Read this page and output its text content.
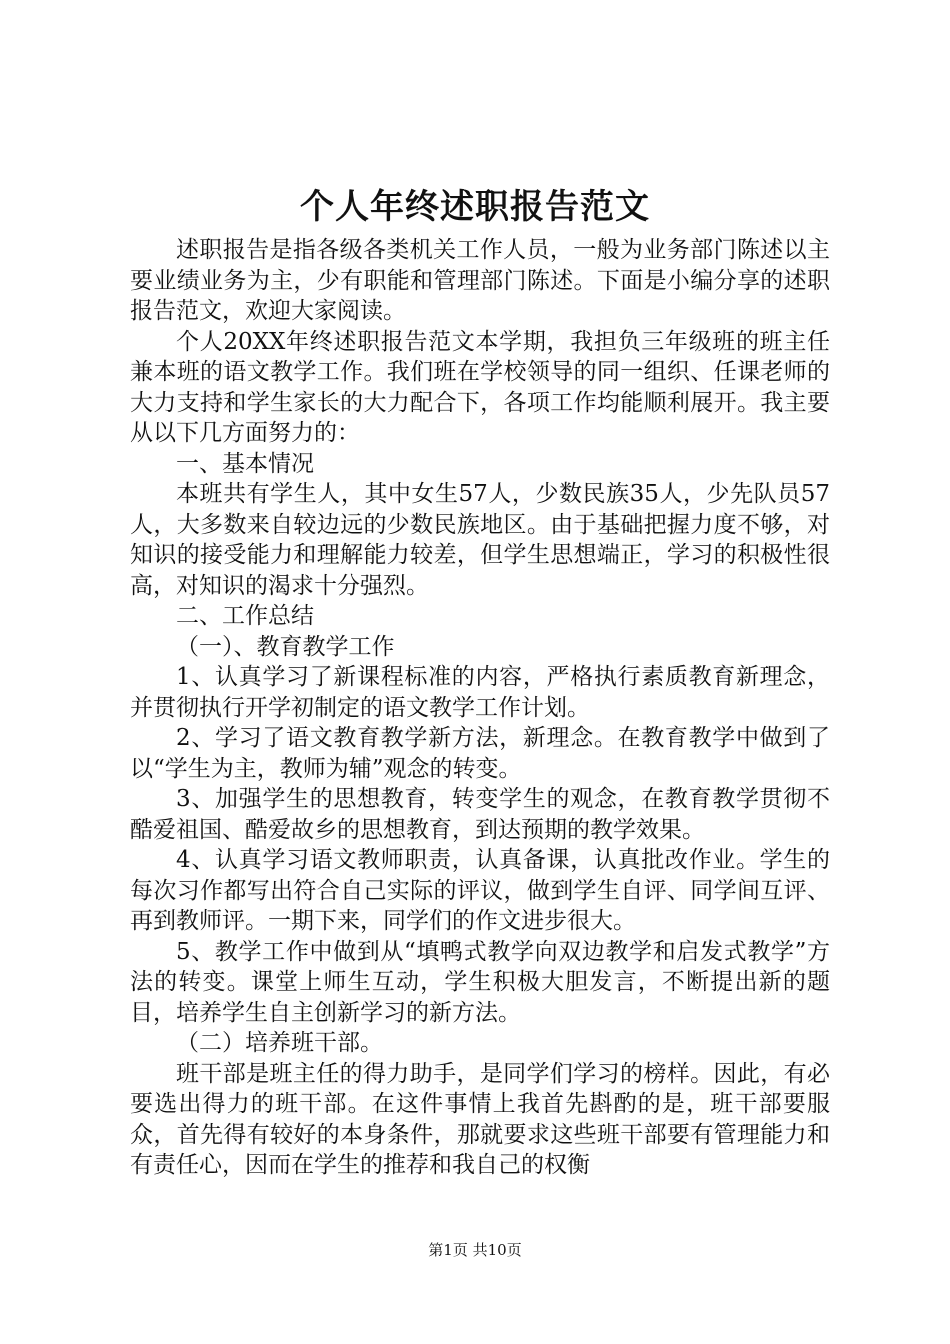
个人年终述职报告范文

述职报告是指各级各类机关工作人员，一般为业务部门陈述以主要业绩业务为主，少有职能和管理部门陈述。下面是小编分享的述职报告范文，欢迎大家阅读。

个人20XX年终述职报告范文本学期，我担负三年级班的班主任兼本班的语文教学工作。我们班在学校领导的同一组织、任课老师的大力支持和学生家长的大力配合下，各项工作均能顺利展开。我主要从以下几方面努力的：

一、基本情况

本班共有学生人，其中女生57人，少数民族35人，少先队员57人，大多数来自较边远的少数民族地区。由于基础把握力度不够，对知识的接受能力和理解能力较差，但学生思想端正，学习的积极性很高，对知识的渴求十分强烈。

二、工作总结

（一）、教育教学工作

1、认真学习了新课程标准的内容，严格执行素质教育新理念，并贯彻执行开学初制定的语文教学工作计划。

2、学习了语文教育教学新方法，新理念。在教育教学中做到了以“学生为主，教师为辅”观念的转变。

3、加强学生的思想教育，转变学生的观念，在教育教学贯彻不酷爱祖国、酷爱故乡的思想教育，到达预期的教学效果。

4、认真学习语文教师职责，认真备课，认真批改作业。学生的每次习作都写出符合自己实际的评议，做到学生自评、同学间互评、再到教师评。一期下来，同学们的作文进步很大。

5、教学工作中做到从“填鸭式教学向双边教学和启发式教学”方法的转变。课堂上师生互动，学生积极大胆发言，不断提出新的题目，培养学生自主创新学习的新方法。

（二）培养班干部。

班干部是班主任的得力助手，是同学们学习的榜样。因此，有必要选出得力的班干部。在这件事情上我首先斟酌的是，班干部要服众，首先得有较好的本身条件，那就要求这些班干部要有管理能力和有责任心，因而在学生的推荐和我自己的权衡

第1页 共10页
